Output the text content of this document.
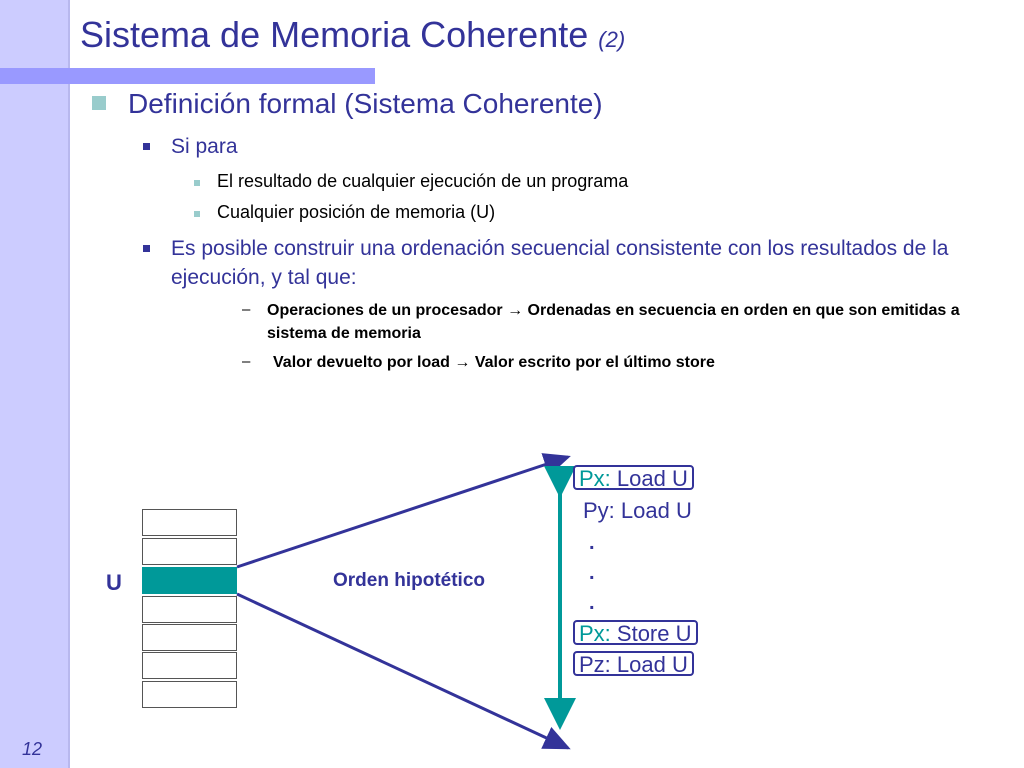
Sistema de Memoria Coherente (2)
Definición formal (Sistema Coherente)
Si para
El resultado de cualquier ejecución de un programa
Cualquier posición de memoria (U)
Es posible construir una ordenación secuencial consistente con los resultados de la ejecución, y tal que:
– Operaciones de un procesador → Ordenadas en secuencia en orden en que son emitidas a sistema de memoria
– Valor devuelto por load → Valor escrito por el último store
U	Orden hipotético
Px: Load U
Py: Load U
.
.
.
Px: Store U
Pz: Load U
12
